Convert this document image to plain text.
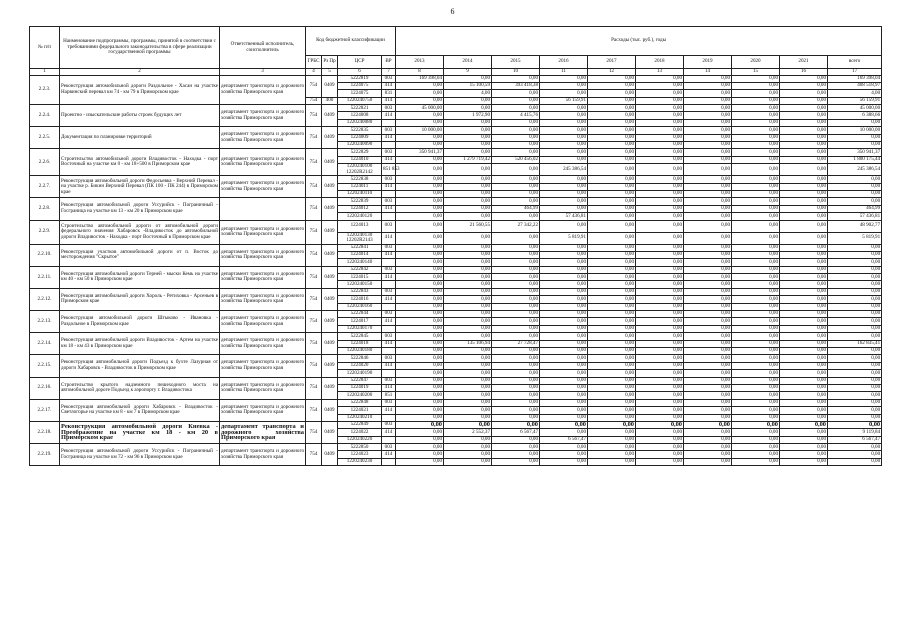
6
№ п/п	Наименование подпрограммы, программы, принятой в соответствии с требованиями федерального законодательства в сфере реализации государственной программы	Ответственный исполнитель, соисполнитель	Код бюджетной классификации				Расходы (тыс. руб.), годы									
			ГРБС	Рз Пр	ЦСР	ВР	2013	2014	2015	2016	2017	2018	2019	2020	2021	всего
1	2	3	4	5	6	7	8	9	10	11	12	13	14	15	16	17
2.2.3.	Реконструкция автомобильной дороги Раздольное - Хасан на участке Нарвинский перевал км 74 - км 79 в Приморском крае	департамент транспорта и дорожного хозяйства Приморского края	754	0409	5222819	003	169 398,04	0,00	0,00	0,00	0,00	0,00	0,00	0,00	0,00	169 398,04
					1224075	414	0,00	15 100,59	393 418,38	0,00	0,00	0,00	0,00	0,00	0,00	408 518,97
					1224075	831	0,00	4,00	0,00	0,00	0,00	0,00	0,00	0,00	0,00	4,00
			754	400	1220240750	414	0,00	0,00	0,00	56 159,91	0,00	0,00	0,00	0,00	0,00	56 159,91
2.2.4.	Проектно - изыскательские работы строек будущих лет	департамент транспорта и дорожного хозяйства Приморского края	754	0409	5222821	003	45 000,00	0,00	0,00	0,00	0,00	0,00	0,00	0,00	0,00	45 000,00
					1224008	414	0,00	1 972,90	4 415,76	0,00	0,00	0,00	0,00	0,00	0,00	6 388,66
					1220240080		0,00	0,00	0,00	0,00	0,00	0,00	0,00	0,00	0,00	0,00
2.2.5.	Документация по планировке территорий	департамент транспорта и дорожного хозяйства Приморского края	754	0409	5222835	003	10 000,00	0,00	0,00	0,00	0,00	0,00	0,00	0,00	0,00	10 000,00
					1224009	414	0,00	0,00	0,00	0,00	0,00	0,00	0,00	0,00	0,00	0,00
					1220240090		0,00	0,00	0,00	0,00	0,00	0,00	0,00	0,00	0,00	0,00
2.2.6.	Строительство автомобильной дороги Владивосток - Находка - порт Восточный на участке км 0 - км 18+500 в Приморском крае	департамент транспорта и дорожного хозяйства Приморского края	754	0409	5222829	003	350 941,37	0,00	0,00	0,00	0,00	0,00	0,00	0,00	0,00	350 941,37
					1224010	414	0,00	1 279 719,42	520 456,02	0,00	0,00	0,00	0,00	0,00	0,00	1 800 175,44
					1220240100 12202R2142	851 853	0,00	0,00	0,00	245 386,54	0,00	0,00	0,00	0,00	0,00	245 386,54
2.2.7.	Реконструкция автомобильной дороги Федосьевка - Верхний Перевал - на участке р. Бикин Верхний Перевал (ПК 100 - ПК 244) в Приморском крае	департамент транспорта и дорожного хозяйства Приморского края	754	0409	5222838	003	0,00	0,00	0,00	0,00	0,00	0,00	0,00	0,00	0,00	0,00
					1224011	414	0,00	0,00	0,00	0,00	0,00	0,00	0,00	0,00	0,00	0,00
					1220240110		0,00	0,00	0,00	0,00	0,00	0,00	0,00	0,00	0,00	0,00
2.2.8.	Реконструкция автомобильной дороги Уссурийск - Пограничный - Госграница на участке км 13 - км 20 в Приморском крае		754	0409	5222839	003	0,00	0,00	0,00	0,00	0,00	0,00	0,00	0,00	0,00	0,00
					1224012	414	0,00	0,00	464,99	0,00	0,00	0,00	0,00	0,00	0,00	464,99
					1220240120		0,00	0,00	0,00	57 436,81	0,00	0,00	0,00	0,00	0,00	57 436,81
2.2.9.	Строительство автомобильной дороги от автомобильной дороги федерального значения Хабаровск -Владивосток до автомобильной дороги Владивосток - Находка - порт Восточный в Приморском крае	департамент транспорта и дорожного хозяйства Приморского края	754	0409	1224013	003	0,00	21 560,55	27 342,22	0,00	0,00	0,00	0,00	0,00	0,00	48 902,77
					1220240130 12202R2143	414	0,00	0,00	0,00	5 819,91	0,00	0,00	0,00	0,00	0,00	5 819,91
2.2.10.	Реконструкция участков автомобильной дороги от п. Восток до месторождения "Скрытое"	департамент транспорта и дорожного хозяйства Приморского края	754	0409	5222841	003	0,00	0,00	0,00	0,00	0,00	0,00	0,00	0,00	0,00	0,00
					1224014	414	0,00	0,00	0,00	0,00	0,00	0,00	0,00	0,00	0,00	0,00
					1220240140		0,00	0,00	0,00	0,00	0,00	0,00	0,00	0,00	0,00	0,00
2.2.11.	Реконструкция автомобильной дороги Терней - мыски Кемь на участке км 40 - км 50 в Приморском крае	департамент транспорта и дорожного хозяйства Приморского края	754	0409	5222842	003	0,00	0,00	0,00	0,00	0,00	0,00	0,00	0,00	0,00	0,00
					1224015	414	0,00	0,00	0,00	0,00	0,00	0,00	0,00	0,00	0,00	0,00
					1220240150		0,00	0,00	0,00	0,00	0,00	0,00	0,00	0,00	0,00	0,00
2.2.12.	Реконструкция автомобильной дороги Хороль - Ретиховка - Арсеньев в Приморском крае	департамент транспорта и дорожного хозяйства Приморского края	754	0409	5222843	003	0,00	0,00	0,00	0,00	0,00	0,00	0,00	0,00	0,00	0,00
					1224016	414	0,00	0,00	0,00	0,00	0,00	0,00	0,00	0,00	0,00	0,00
					1220240160		0,00	0,00	0,00	0,00	0,00	0,00	0,00	0,00	0,00	0,00
2.2.13.	Реконструкция автомобильной дороги Штыково - Ивановка - Раздольное в Приморском крае	департамент транспорта и дорожного хозяйства Приморского края	754	0409	5222844	003	0,00	0,00	0,00	0,00	0,00	0,00	0,00	0,00	0,00	0,00
					1224017	414	0,00	0,00	0,00	0,00	0,00	0,00	0,00	0,00	0,00	0,00
					1220240170		0,00	0,00	0,00	0,00	0,00	0,00	0,00	0,00	0,00	0,00
2.2.14.	Реконструкция автомобильной дороги Владивосток - Артем на участке км 18 - км 43 в Приморском крае	департамент транспорта и дорожного хозяйства Приморского края	754	0409	5222845	003	0,00	0,00	0,00	0,00	0,00	0,00	0,00	0,00	0,00	0,00
					1224018	414	0,00	135 106,94	27 728,47	0,00	0,00	0,00	0,00	0,00	0,00	162 835,41
					1220240180		0,00	0,00	0,00	0,00	0,00	0,00	0,00	0,00	0,00	0,00
2.2.15.	Реконструкция автомобильной дороги Подъезд к бухте Лазурная от дороги Хабаровск - Владивосток в Приморском крае	департамент транспорта и дорожного хозяйства Приморского края	754	0409	5222846	003	0,00	0,00	0,00	0,00	0,00	0,00	0,00	0,00	0,00	0,00
					1224020	414	0,00	0,00	0,00	0,00	0,00	0,00	0,00	0,00	0,00	0,00
					1220240190		0,00	0,00	0,00	0,00	0,00	0,00	0,00	0,00	0,00	0,00
2.2.16.	Строительство крытого надземного пешеходного моста на автомобильной дороге Подъезд к аэропорту г. Владивостока	департамент транспорта и дорожного хозяйства Приморского края	754	0409	5222847	003	0,00	0,00	0,00	0,00	0,00	0,00	0,00	0,00	0,00	0,00
					1224019	414	0,00	0,00	0,00	0,00	0,00	0,00	0,00	0,00	0,00	0,00
					1220240200	851	0,00	0,00	0,00	0,00	0,00	0,00	0,00	0,00	0,00	0,00
2.2.17.	Реконструкция автомобильной дороги Хабаровск - Владивосток - Светлогорье на участке км 8 - км 7 в Приморском крае	департамент транспорта и дорожного хозяйства Приморского края	754	0409	5222848	003	0,00	0,00	0,00	0,00	0,00	0,00	0,00	0,00	0,00	0,00
					1224021	414	0,00	0,00	0,00	0,00	0,00	0,00	0,00	0,00	0,00	0,00
					1220240210		0,00	0,00	0,00	0,00	0,00	0,00	0,00	0,00	0,00	0,00
2.2.18.	Реконструкция автомобильной дороги Кневка - Преображение на участке км 18 - км 20 в Приморском крае	департамент транспорта и дорожного хозяйства Приморского края	754	0409	5222849	003	0,00	0,00	0,00	0,00	0,00	0,00	0,00	0,00	0,00	0,00
					1224022	414	0,00	2 552,37	6 567,47	0,00	0,00	0,00	0,00	0,00	0,00	9 119,84
					1220240220		0,00	0,00	0,00	6 567,47	0,00	0,00	0,00	0,00	0,00	6 567,47
2.2.19.	Реконструкция автомобильной дороги Уссурийск - Пограничный - Госграница на участке км 72 - км 96 в Приморском крае	департамент транспорта и дорожного хозяйства Приморского края	754	0409	5222850	003	0,00	0,00	0,00	0,00	0,00	0,00	0,00	0,00	0,00	0,00
					1224023	414	0,00	0,00	0,00	0,00	0,00	0,00	0,00	0,00	0,00	0,00
					1220240230		0,00	0,00	0,00	0,00	0,00	0,00	0,00	0,00	0,00	0,00
